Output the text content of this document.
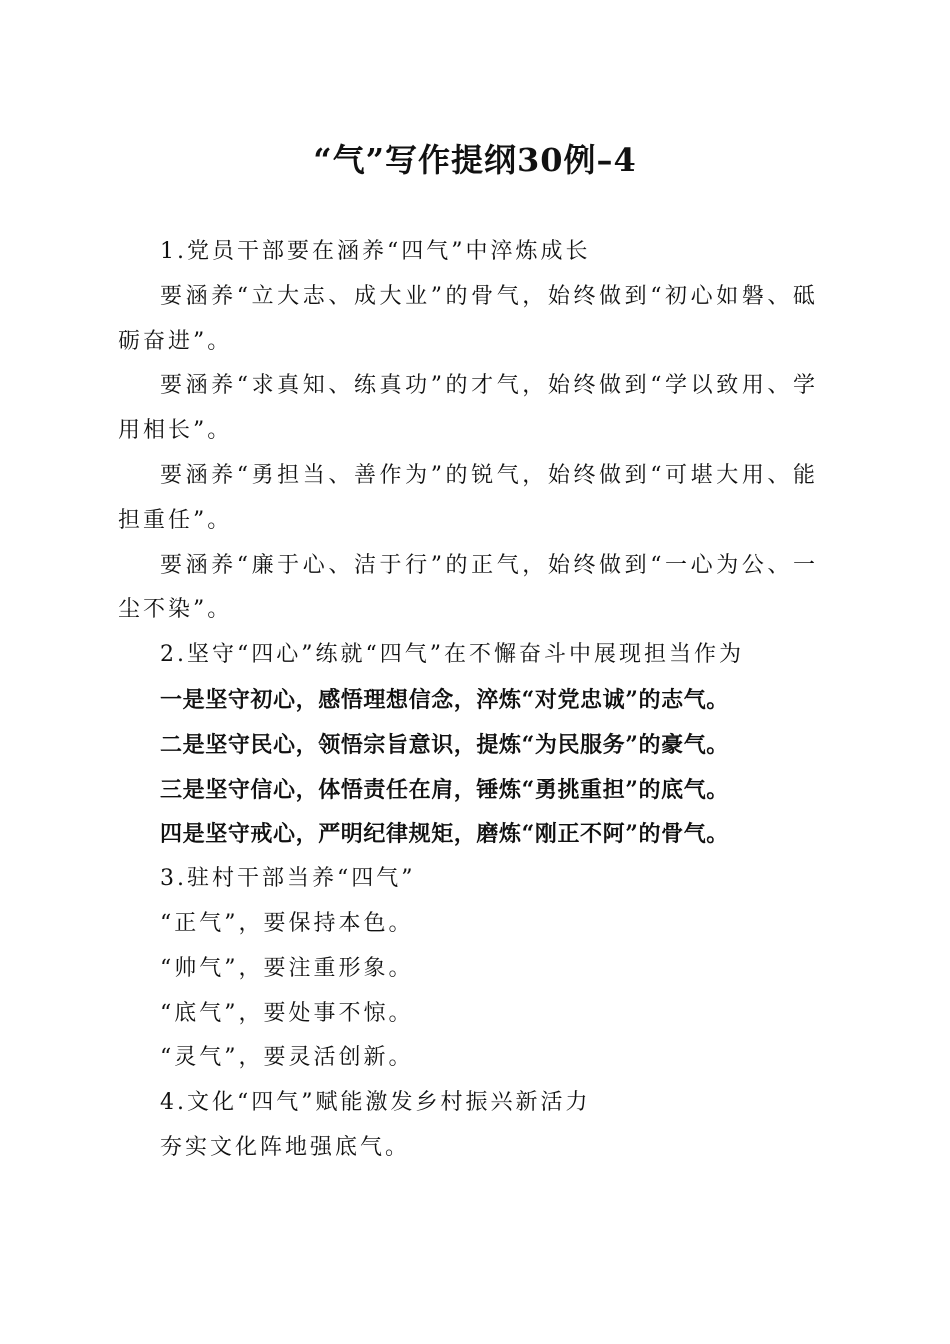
“气”写作提纲30例–4

1.党员干部要在涵养“四气”中淬炼成长

要涵养“立大志、成大业”的骨气，始终做到“初心如磐、砥砺奋进”。

要涵养“求真知、练真功”的才气，始终做到“学以致用、学用相长”。

要涵养“勇担当、善作为”的锐气，始终做到“可堪大用、能担重任”。

要涵养“廉于心、洁于行”的正气，始终做到“一心为公、一尘不染”。

2.坚守“四心”练就“四气”在不懈奋斗中展现担当作为

一是坚守初心，感悟理想信念，淬炼“对党忠诚”的志气。

二是坚守民心，领悟宗旨意识，提炼“为民服务”的豪气。

三是坚守信心，体悟责任在肩，锤炼“勇挑重担”的底气。

四是坚守戒心，严明纪律规矩，磨炼“刚正不阿”的骨气。

3.驻村干部当养“四气”

“正气”，要保持本色。

“帅气”，要注重形象。

“底气”，要处事不惊。

“灵气”，要灵活创新。

4.文化“四气”赋能激发乡村振兴新活力

夯实文化阵地强底气。
